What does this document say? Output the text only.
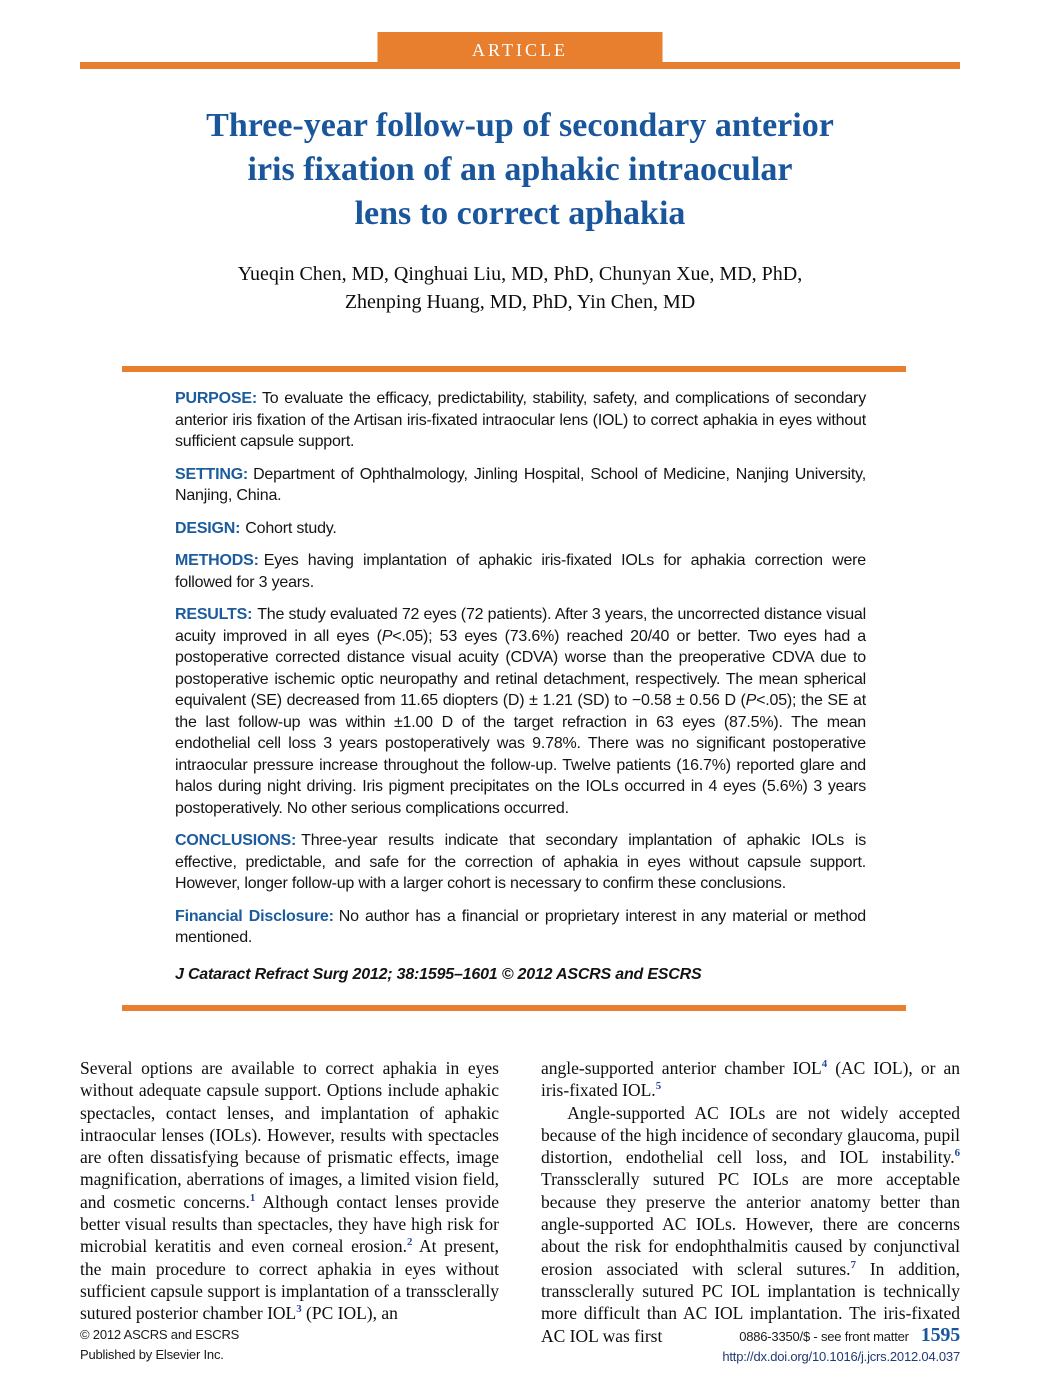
ARTICLE
Three-year follow-up of secondary anterior
iris fixation of an aphakic intraocular
lens to correct aphakia
Yueqin Chen, MD, Qinghuai Liu, MD, PhD, Chunyan Xue, MD, PhD,
Zhenping Huang, MD, PhD, Yin Chen, MD

PURPOSE: To evaluate the efficacy, predictability, stability, safety, and complications of secondary anterior iris fixation of the Artisan iris-fixated intraocular lens (IOL) to correct aphakia in eyes without sufficient capsule support.

SETTING: Department of Ophthalmology, Jinling Hospital, School of Medicine, Nanjing University, Nanjing, China.

DESIGN: Cohort study.

METHODS: Eyes having implantation of aphakic iris-fixated IOLs for aphakia correction were followed for 3 years.

RESULTS: The study evaluated 72 eyes (72 patients). After 3 years, the uncorrected distance visual acuity improved in all eyes (P<.05); 53 eyes (73.6%) reached 20/40 or better. Two eyes had a postoperative corrected distance visual acuity (CDVA) worse than the preoperative CDVA due to postoperative ischemic optic neuropathy and retinal detachment, respectively. The mean spherical equivalent (SE) decreased from 11.65 diopters (D) ± 1.21 (SD) to −0.58 ± 0.56 D (P<.05); the SE at the last follow-up was within ±1.00 D of the target refraction in 63 eyes (87.5%). The mean endothelial cell loss 3 years postoperatively was 9.78%. There was no significant postoperative intraocular pressure increase throughout the follow-up. Twelve patients (16.7%) reported glare and halos during night driving. Iris pigment precipitates on the IOLs occurred in 4 eyes (5.6%) 3 years postoperatively. No other serious complications occurred.

CONCLUSIONS: Three-year results indicate that secondary implantation of aphakic IOLs is effective, predictable, and safe for the correction of aphakia in eyes without capsule support. However, longer follow-up with a larger cohort is necessary to confirm these conclusions.

Financial Disclosure: No author has a financial or proprietary interest in any material or method mentioned.

J Cataract Refract Surg 2012; 38:1595–1601 © 2012 ASCRS and ESCRS

Several options are available to correct aphakia in eyes without adequate capsule support. Options include aphakic spectacles, contact lenses, and implantation of aphakic intraocular lenses (IOLs). However, results with spectacles are often dissatisfying because of prismatic effects, image magnification, aberrations of images, a limited vision field, and cosmetic concerns.$^1$ Although contact lenses provide better visual results than spectacles, they have high risk for microbial keratitis and even corneal erosion.$^2$ At present, the main procedure to correct aphakia in eyes without sufficient capsule support is implantation of a transsclerally sutured posterior chamber IOL$^3$ (PC IOL), an

angle-supported anterior chamber IOL$^4$ (AC IOL), or an iris-fixated IOL.$^5$

Angle-supported AC IOLs are not widely accepted because of the high incidence of secondary glaucoma, pupil distortion, endothelial cell loss, and IOL instability.$^6$ Transsclerally sutured PC IOLs are more acceptable because they preserve the anterior anatomy better than angle-supported AC IOLs. However, there are concerns about the risk for endophthalmitis caused by conjunctival erosion associated with scleral sutures.$^7$ In addition, transsclerally sutured PC IOL implantation is technically more difficult than AC IOL implantation. The iris-fixated AC IOL was first

© 2012 ASCRS and ESCRS
Published by Elsevier Inc.
0886-3350/$ - see front matter 1595
http://dx.doi.org/10.1016/j.jcrs.2012.04.037
